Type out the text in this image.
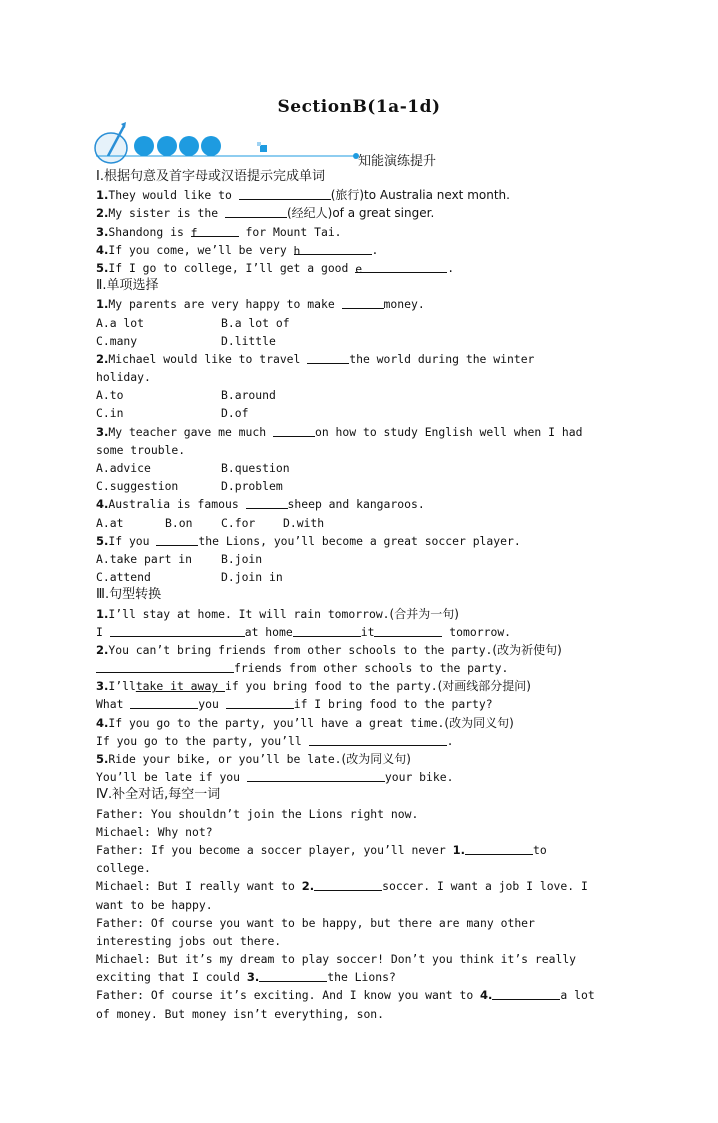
SectionB(1a-1d)
知能演练提升
Ⅰ.根据句意及首字母或汉语提示完成单词
1.They would like to	(旅行)to Australia next month.
2.My sister is the	(经纪人)of a great singer.
3.Shandong is f	for Mount Tai.
4.If you come, we’ll be very h	.
5.If I go to college, I’ll get a good e	.
Ⅱ.单项选择
1.My parents are very happy to make	money.
A.a lot	B.a lot of
C.many	D.little
2.Michael would like to travel	the world during the winter
holiday.
A.to	B.around
C.in	D.of
3.My teacher gave me much	on how to study English well when I had
some trouble.
A.advice	B.question
C.suggestion	D.problem
4.Australia is famous	sheep and kangaroos.
A.at	B.on	C.for D.with
5.If you	the Lions, you’ll become a great soccer player.
A.take part in	B.join
C.attend	D.join in
Ⅲ.句型转换
1.I’ll stay at home. It will rain tomorrow.(合并为一句)
I	at home	it	tomorrow.
2.You can’t bring friends from other schools to the party.(改为祈使句)
friends from other schools to the party.
3.I’lltake it away if you bring food to the party.(对画线部分提问)
What	you	if I bring food to the party?
4.If you go to the party, you’ll have a great time.(改为同义句)
If you go to the party, you’ll	.
5.Ride your bike, or you’ll be late.(改为同义句)
You’ll be late if you	your bike.
Ⅳ.补全对话,每空一词
Father: You shouldn’t join the Lions right now.
Michael: Why not?
Father: If you become a soccer player, you’ll never 1.	to
college.
Michael: But I really want to 2.	soccer. I want a job I love. I
want to be happy.
Father: Of course you want to be happy, but there are many other
interesting jobs out there.
Michael: But it’s my dream to play soccer! Don’t you think it’s really
exciting that I could 3.	the Lions?
Father: Of course it’s exciting. And I know you want to 4.	a lot
of money. But money isn’t everything, son.
